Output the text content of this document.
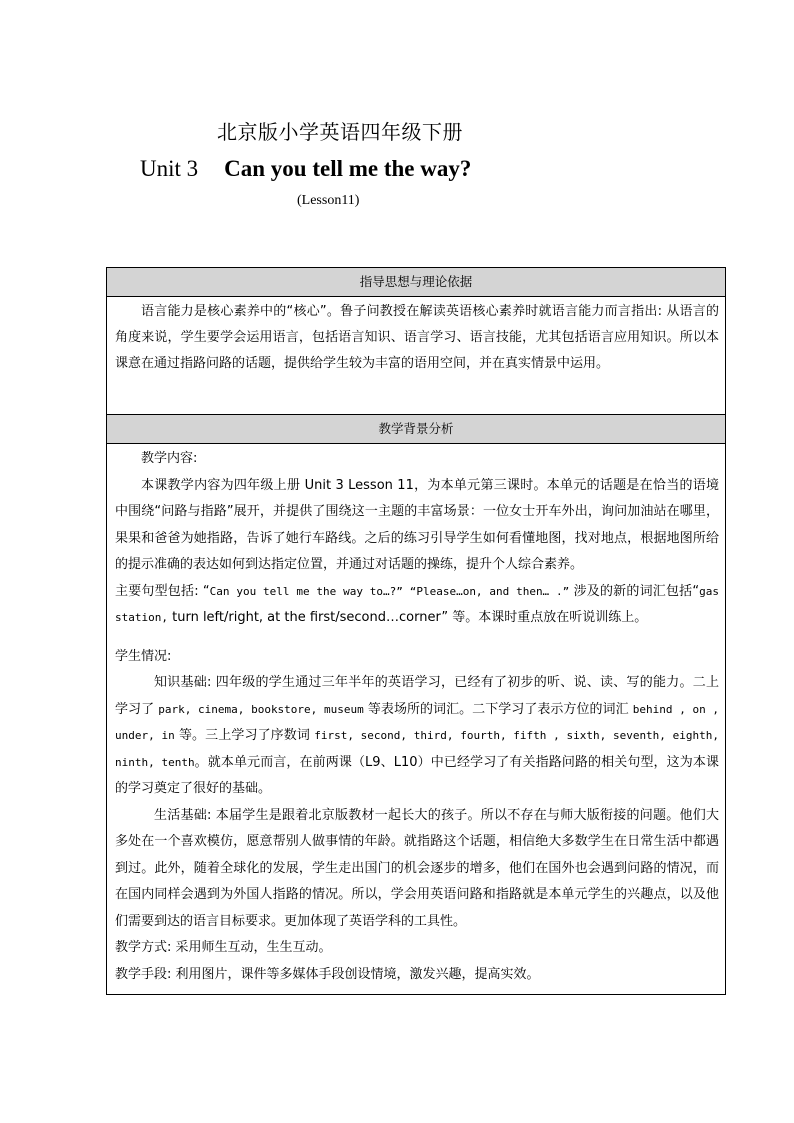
北京版小学英语四年级下册
Unit 3 Can you tell me the way?
(Lesson11)
指导思想与理论依据

语言能力是核心素养中的“核心”。鲁子问教授在解读英语核心素养时就语言能力而言指出: 从语言的角度来说，学生要学会运用语言，包括语言知识、语言学习、语言技能，尤其包括语言应用知识。所以本课意在通过指路问路的话题，提供给学生较为丰富的语用空间，并在真实情景中运用。

教学背景分析

教学内容:

本课教学内容为四年级上册 Unit 3 Lesson 11，为本单元第三课时。本单元的话题是在恰当的语境中围绕“问路与指路”展开，并提供了围绕这一主题的丰富场景：一位女士开车外出，询问加油站在哪里，果果和爸爸为她指路，告诉了她行车路线。之后的练习引导学生如何看懂地图，找对地点，根据地图所给的提示准确的表达如何到达指定位置，并通过对话题的操练，提升个人综合素养。

主要句型包括: “Can you tell me the way to…?” “Please…on, and then… .” 涉及的新的词汇包括“gas station, turn left/right, at the first/second…corner” 等。本课时重点放在听说训练上。

学生情况:

知识基础: 四年级的学生通过三年半年的英语学习，已经有了初步的听、说、读、写的能力。二上学习了 park, cinema, bookstore, museum 等表场所的词汇。二下学习了表示方位的词汇 behind , on , under, in 等。三上学习了序数词 first, second, third, fourth, fifth , sixth, seventh, eighth, ninth, tenth。就本单元而言，在前两课（L9、L10）中已经学习了有关指路问路的相关句型，这为本课的学习奠定了很好的基础。

生活基础: 本届学生是跟着北京版教材一起长大的孩子。所以不存在与师大版衔接的问题。他们大多处在一个喜欢模仿，愿意帮别人做事情的年龄。就指路这个话题，相信绝大多数学生在日常生活中都遇到过。此外，随着全球化的发展，学生走出国门的机会逐步的增多，他们在国外也会遇到问路的情况，而在国内同样会遇到为外国人指路的情况。所以，学会用英语问路和指路就是本单元学生的兴趣点，以及他们需要到达的语言目标要求。更加体现了英语学科的工具性。

教学方式: 采用师生互动，生生互动。

教学手段: 利用图片，课件等多媒体手段创设情境，激发兴趣，提高实效。
